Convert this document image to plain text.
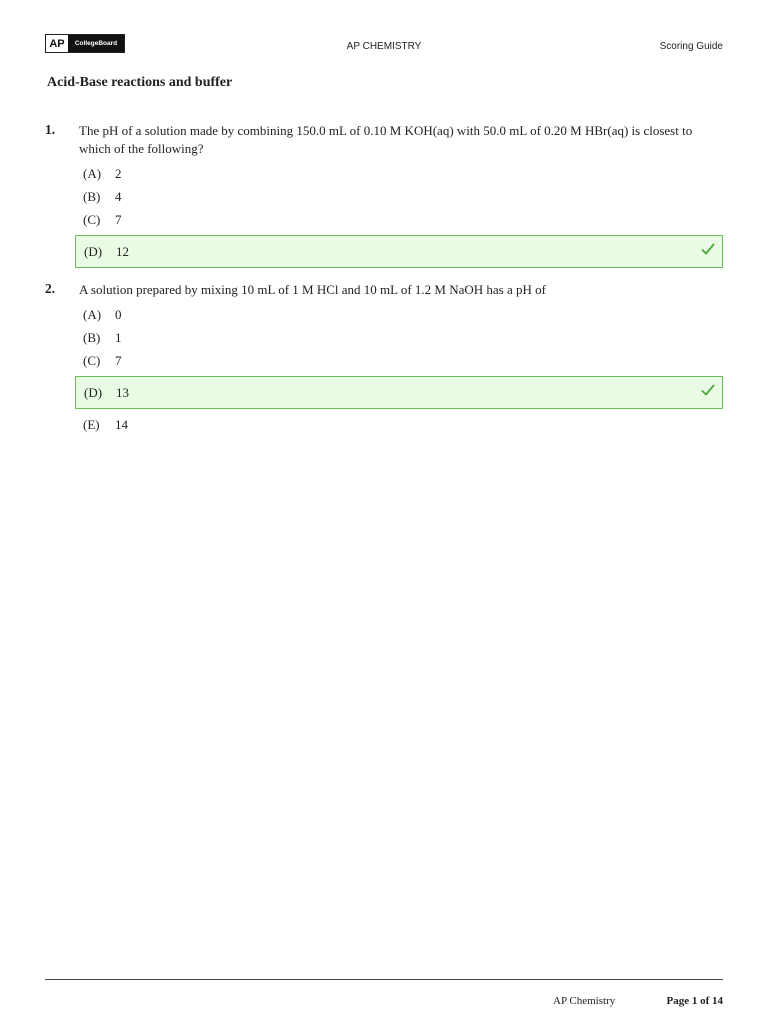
AP	CollegeBoard	AP CHEMISTRY	Scoring Guide
Acid-Base reactions and buffer
1. The pH of a solution made by combining 150.0 mL of 0.10 M KOH(aq) with 50.0 mL of 0.20 M HBr(aq) is closest to which of the following?
(A) 2
(B) 4
(C) 7
(D) 12
2. A solution prepared by mixing 10 mL of 1 M HCl and 10 mL of 1.2 M NaOH has a pH of
(A) 0
(B) 1
(C) 7
(D) 13
(E) 14
AP Chemistry	Page 1 of 14
